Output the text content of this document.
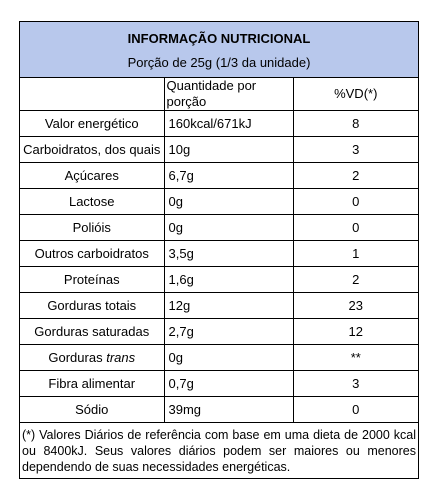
INFORMAÇÃO NUTRICIONAL
Porção de 25g (1/3 da unidade)
	Quantidade por porção	%VD(*)
Valor energético	160kcal/671kJ	8
Carboidratos, dos quais	10g	3
Açúcares	6,7g	2
Lactose	0g	0
Polióis	0g	0
Outros carboidratos	3,5g	1
Proteínas	1,6g	2
Gorduras totais	12g	23
Gorduras saturadas	2,7g	12
Gorduras trans	0g	**
Fibra alimentar	0,7g	3
Sódio	39mg	0
(*) Valores Diários de referência com base em uma dieta de 2000 kcal ou 8400kJ. Seus valores diários podem ser maiores ou menores dependendo de suas necessidades energéticas.
